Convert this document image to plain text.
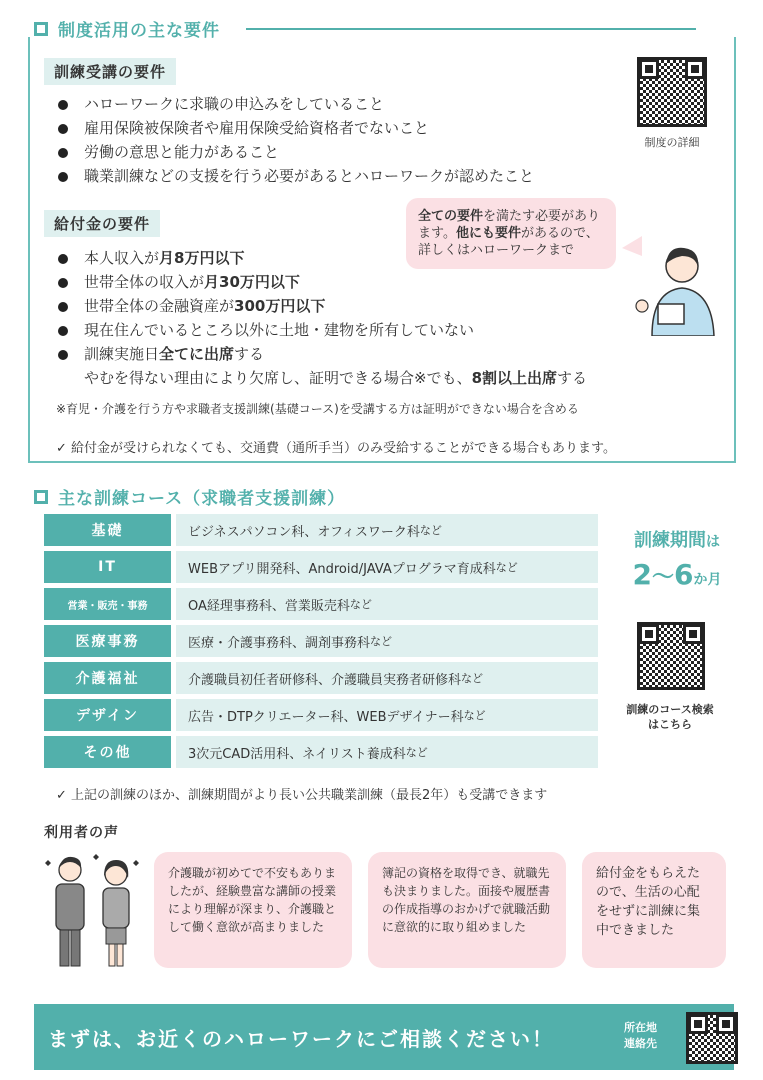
制度活用の主な要件
訓練受講の要件
ハローワークに求職の申込みをしていること
雇用保険被保険者や雇用保険受給資格者でないこと
労働の意思と能力があること
職業訓練などの支援を行う必要があるとハローワークが認めたこと
制度の詳細
給付金の要件
本人収入が月8万円以下
世帯全体の収入が月30万円以下
世帯全体の金融資産が300万円以下
現在住んでいるところ以外に土地・建物を所有していない
訓練実施日全てに出席する
やむを得ない理由により欠席し、証明できる場合※でも、8割以上出席する
全ての要件を満たす必要があります。他にも要件があるので、詳しくはハローワークまで
※育児・介護を行う方や求職者支援訓練(基礎コース)を受講する方は証明ができない場合を含める
✓ 給付金が受けられなくても、交通費（通所手当）のみ受給することができる場合もあります。
主な訓練コース（求職者支援訓練）
基礎	ビジネスパソコン科、オフィスワーク科 など
IT	WEBアプリ開発科、Android/JAVAプログラマ育成科 など
営業・販売・事務	OA経理事務科、営業販売科 など
医療事務	医療・介護事務科、調剤事務科 など
介護福祉	介護職員初任者研修科、介護職員実務者研修科 など
デザイン	広告・DTPクリエーター科、WEBデザイナー科 など
その他	3次元CAD活用科、ネイリスト養成科 など
訓練期間は
2～6か月
訓練のコース検索
はこちら
✓ 上記の訓練のほか、訓練期間がより長い公共職業訓練（最長2年）も受講できます
利用者の声
介護職が初めてで不安もありましたが、経験豊富な講師の授業により理解が深まり、介護職として働く意欲が高まりました
簿記の資格を取得でき、就職先も決まりました。面接や履歴書の作成指導のおかげで就職活動に意欲的に取り組めました
給付金をもらえたので、生活の心配をせずに訓練に集中できました
まずは、お近くのハローワークにご相談ください！	所在地
連絡先
